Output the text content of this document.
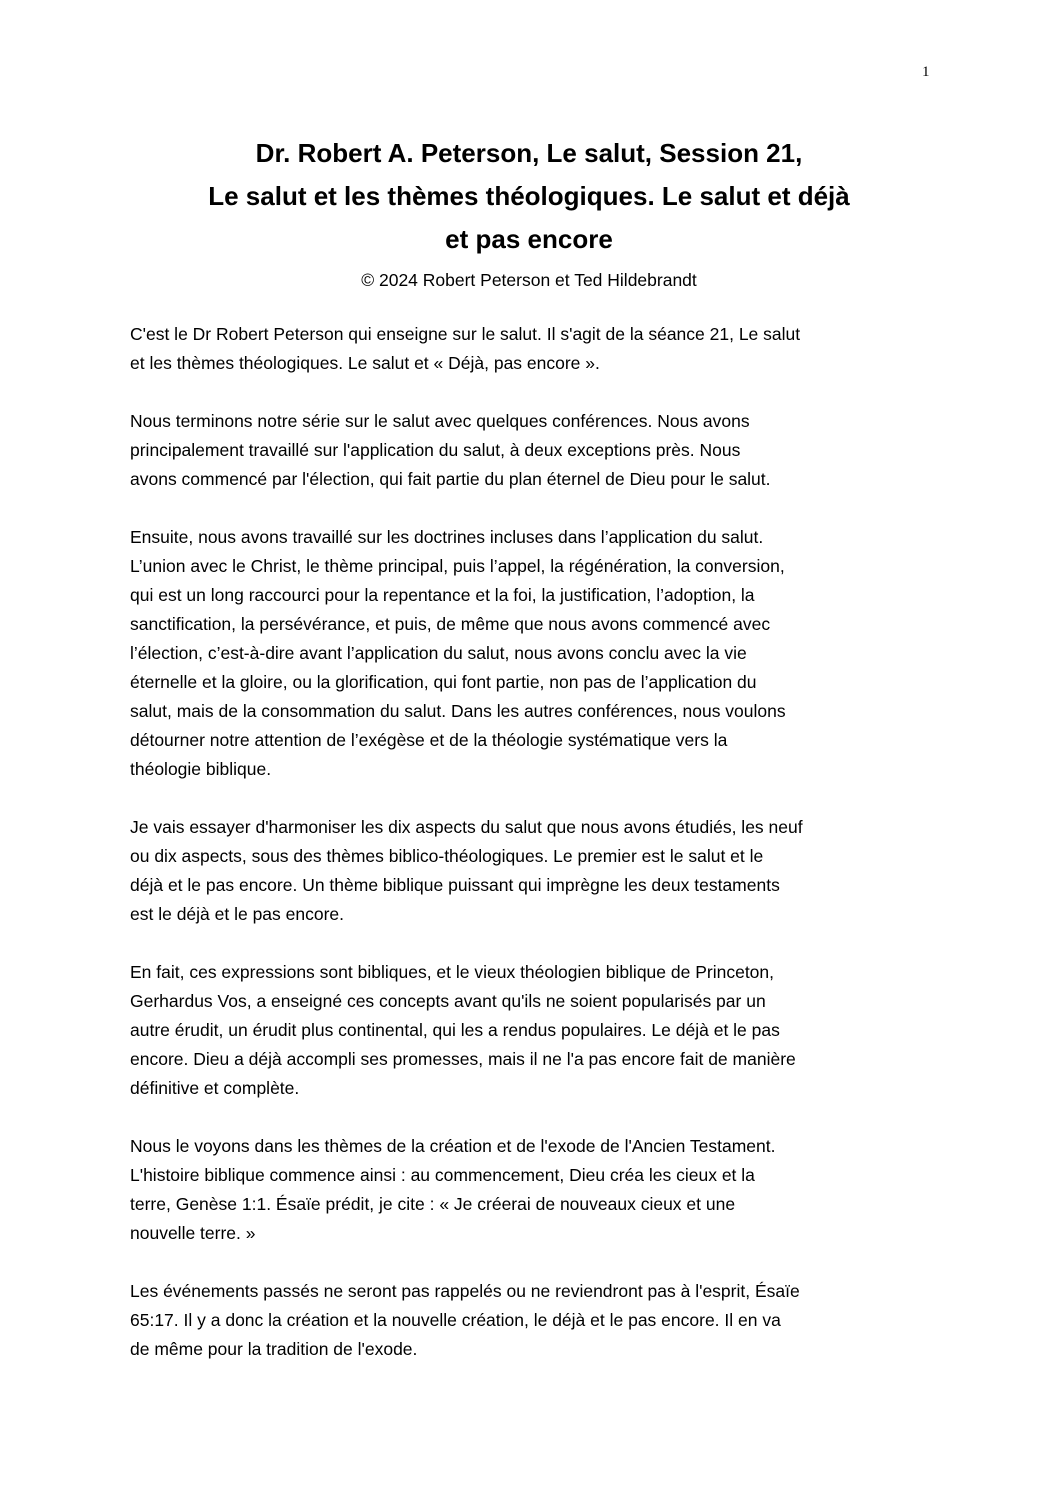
1
Dr. Robert A. Peterson, Le salut, Session 21,
Le salut et les thèmes théologiques. Le salut et déjà
et pas encore
© 2024 Robert Peterson et Ted Hildebrandt

C'est le Dr Robert Peterson qui enseigne sur le salut. Il s'agit de la séance 21, Le salut
et les thèmes théologiques. Le salut et « Déjà, pas encore ».

Nous terminons notre série sur le salut avec quelques conférences. Nous avons
principalement travaillé sur l'application du salut, à deux exceptions près. Nous
avons commencé par l'élection, qui fait partie du plan éternel de Dieu pour le salut.

Ensuite, nous avons travaillé sur les doctrines incluses dans l’application du salut.
L’union avec le Christ, le thème principal, puis l’appel, la régénération, la conversion,
qui est un long raccourci pour la repentance et la foi, la justification, l’adoption, la
sanctification, la persévérance, et puis, de même que nous avons commencé avec
l’élection, c’est-à-dire avant l’application du salut, nous avons conclu avec la vie
éternelle et la gloire, ou la glorification, qui font partie, non pas de l’application du
salut, mais de la consommation du salut. Dans les autres conférences, nous voulons
détourner notre attention de l’exégèse et de la théologie systématique vers la
théologie biblique.

Je vais essayer d'harmoniser les dix aspects du salut que nous avons étudiés, les neuf
ou dix aspects, sous des thèmes biblico-théologiques. Le premier est le salut et le
déjà et le pas encore. Un thème biblique puissant qui imprègne les deux testaments
est le déjà et le pas encore.

En fait, ces expressions sont bibliques, et le vieux théologien biblique de Princeton,
Gerhardus Vos, a enseigné ces concepts avant qu'ils ne soient popularisés par un
autre érudit, un érudit plus continental, qui les a rendus populaires. Le déjà et le pas
encore. Dieu a déjà accompli ses promesses, mais il ne l'a pas encore fait de manière
définitive et complète.

Nous le voyons dans les thèmes de la création et de l'exode de l'Ancien Testament.
L'histoire biblique commence ainsi : au commencement, Dieu créa les cieux et la
terre, Genèse 1:1. Ésaïe prédit, je cite : « Je créerai de nouveaux cieux et une
nouvelle terre. »

Les événements passés ne seront pas rappelés ou ne reviendront pas à l'esprit, Ésaïe
65:17. Il y a donc la création et la nouvelle création, le déjà et le pas encore. Il en va
de même pour la tradition de l'exode.
